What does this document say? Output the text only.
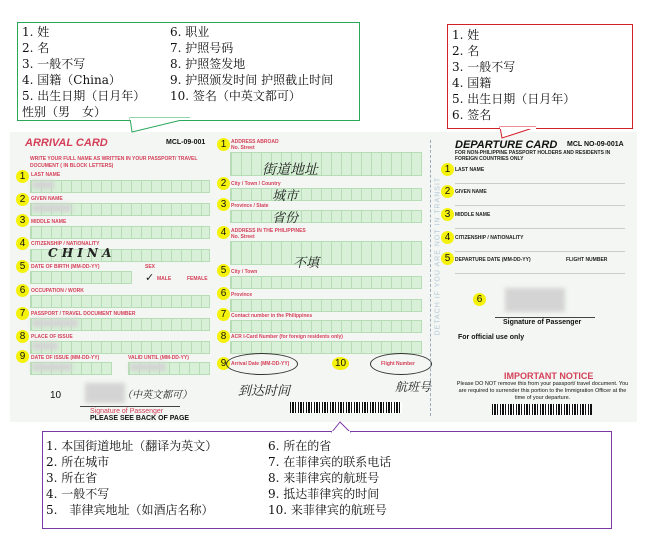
ARRIVAL CARD	MCL-09-001
WRITE YOUR FULL NAME AS WRITTEN IN YOUR PASSPORT/ TRAVEL DOCUMENT ( IN BLOCK LETTERS)
1	LAST NAME
2	GIVEN NAME
3	MIDDLE NAME
4	CITIZENSHIP / NATIONALITY
C H I N A
5	DATE OF BIRTH (MM-DD-YY)	SEX
✓ MALE	FEMALE
6	OCCUPATION / WORK
7	PASSPORT / TRAVEL DOCUMENT NUMBER
8	PLACE OF ISSUE
9	DATE OF ISSUE (MM-DD-YY)	VALID UNTIL (MM-DD-YY)
10	（中英文都可）
Signature of Passenger
PLEASE SEE BACK OF PAGE
1 ADDRESS ABROAD
No. Street
街道地址
2 City / Town / Country
城市
3 Province / State
省份
4 ADDRESS IN THE PHILIPPINES
No. Street
不填
5 City / Town
6 Province
7 Contact number in the Philippines
8 ACR I-Card Number (for foreign residents only)
9 Arrival Date (MM-DD-YY)	10	Flight Number
到达时间	航班号
DETACH IF YOU ARE NOT IN TRANSIT
DEPARTURE CARD MCL NO-09-001A
FOR NON-PHILIPPINE PASSPORT HOLDERS AND RESIDENTS IN FOREIGN COUNTRIES ONLY
1 LAST NAME
2 GIVEN NAME
3 MIDDLE NAME
4 CITIZENSHIP / NATIONALITY
5 DEPARTURE DATE (MM-DD-YY)	FLIGHT NUMBER
6
Signature of Passenger
For official use only
IMPORTANT NOTICE
Please DO NOT remove this from your passport/ travel document. You are required to surrender this portion to the Immigration Officer at the time of your departure.
1. 姓
2. 名
3. 一般不写
4. 国籍（China）
5. 出生日期（日月年）
性别（男　女）
6. 职业
7. 护照号码
8. 护照签发地
9. 护照颁发时间 护照截止时间
10. 签名（中英文都可）
1. 姓
2. 名
3. 一般不写
4. 国籍
5. 出生日期（日月年）
6. 签名
1. 本国街道地址（翻译为英文）
2. 所在城市
3. 所在省
4. 一般不写
5.　菲律宾地址（如酒店名称）
6. 所在的省
7. 在菲律宾的联系电话
8. 来菲律宾的航班号
9. 抵达菲律宾的时间
10. 来菲律宾的航班号
